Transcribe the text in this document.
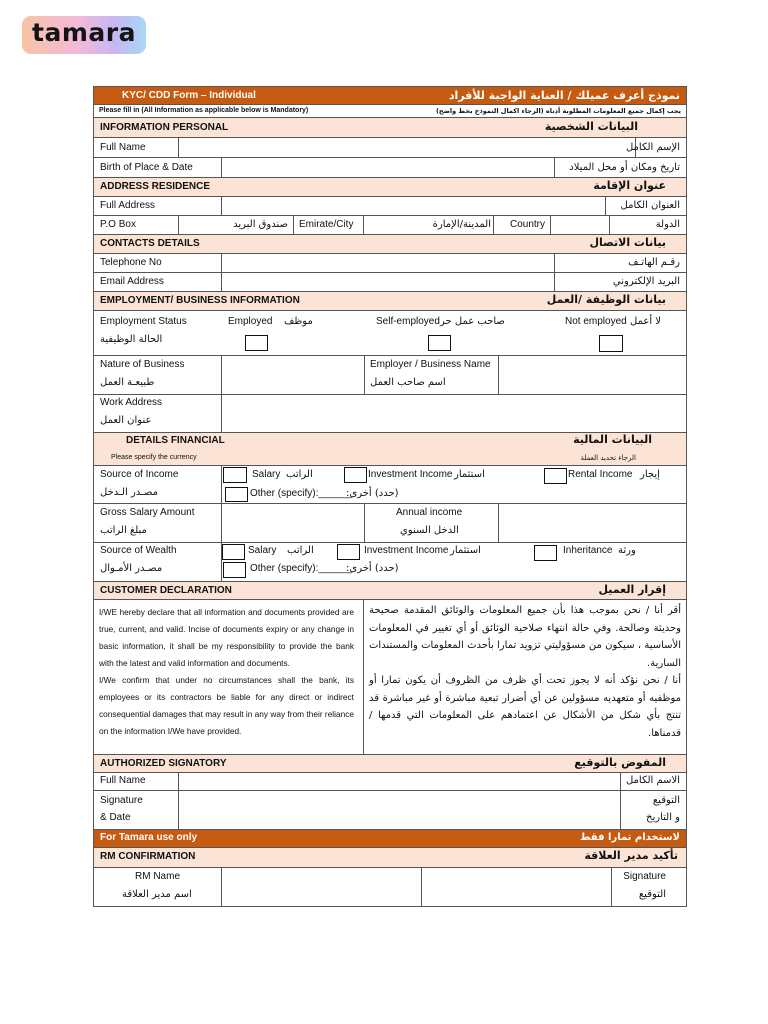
tamara
KYC/ CDD Form – Individual	نموذج أعرف عميلك / العناية الواجبة للأفراد
Please fill in (All Information as applicable below is Mandatory)	يجب إكمال جميع المعلومات المطلوبة أدناه (الرجاء اكمال النموذج بخط واضح)
INFORMATION PERSONAL	البيانات الشخصية
Full Name	الإسم الكامل
Birth of Place & Date	تاريخ ومكان أو محل الميلاد
ADDRESS RESIDENCE	عنوان الإقامة
Full Address	العنوان الكامل
P.O Box	صندوق البريد Emirate/City	المدينة/الإمارة Country	الدولة
CONTACTS DETAILS	بيانات الاتصال
Telephone No	رقـم الهاتـف
Email Address	البريد الإلكتروني
EMPLOYMENT/ BUSINESS INFORMATION	بيانات الوظيفة /العمل
Employment Status
الحالة الوظيفية
Employed موظف	Self-employed صاحب عمل حر	Not employed لا أعمل
Nature of Business
طبيعـة العمل
Employer / Business Name
اسم صاحب العمل
Work Address
عنوان العمل
DETAILS FINANCIAL	البيانات المالية
Please specify the currency	الرجاء تحديد العملة
Source of Income
مصـدر الـدخل
Salary الراتب	Investment Income استثمار	Rental Income إيجار
Other (specify):______
(حدد) أخرى:
Gross Salary Amount
مبلغ الراتب
Annual income
الدخل السنوي
Source of Wealth
مصـدر الأمـوال
Salary الراتب	Investment Income استثمار	Inheritance ورثة
Other (specify):______
(حدد) أخرى:
CUSTOMER DECLARATION	إقرار العميل
I/WE hereby declare that all information and documents provided are true, current, and valid. Incise of documents expiry or any change in basic information, it shall be my responsibility to provide the bank with the latest and valid information and documents.
I/We confirm that under no circumstances shall the bank, its employees or its contractors be liable for any direct or indirect consequential damages that may result in any way from their reliance on the information I/We have provided.
أقر أنا / نحن بموجب هذا بأن جميع المعلومات والوثائق المقدمة صحيحة وحديثة وصالحة. وفي حالة انتهاء صلاحية الوثائق أو أي تغيير في المعلومات الأساسية ، سيكون من مسؤوليتي تزويد تمارا بأحدث المعلومات والمستندات السارية.
أنا / نحن نؤكد أنه لا يجوز تحت أي ظرف من الظروف أن يكون تمارا أو موظفيه أو متعهديه مسؤولين عن أي أضرار تبعية مباشرة أو غير مباشرة قد تنتج بأي شكل من الأشكال عن اعتمادهم على المعلومات التي قدمها / قدمناها.
AUTHORIZED SIGNATORY	المفوض بالتوقيع
Full Name	الاسم الكامل
Signature
& Date
التوقيع
و التاريخ
For Tamara use only	لاستخدام تمارا فقط
RM CONFIRMATION	تأكيد مدير العلاقة
RM Name
اسم مدير العلاقة
Signature
التوقيع
